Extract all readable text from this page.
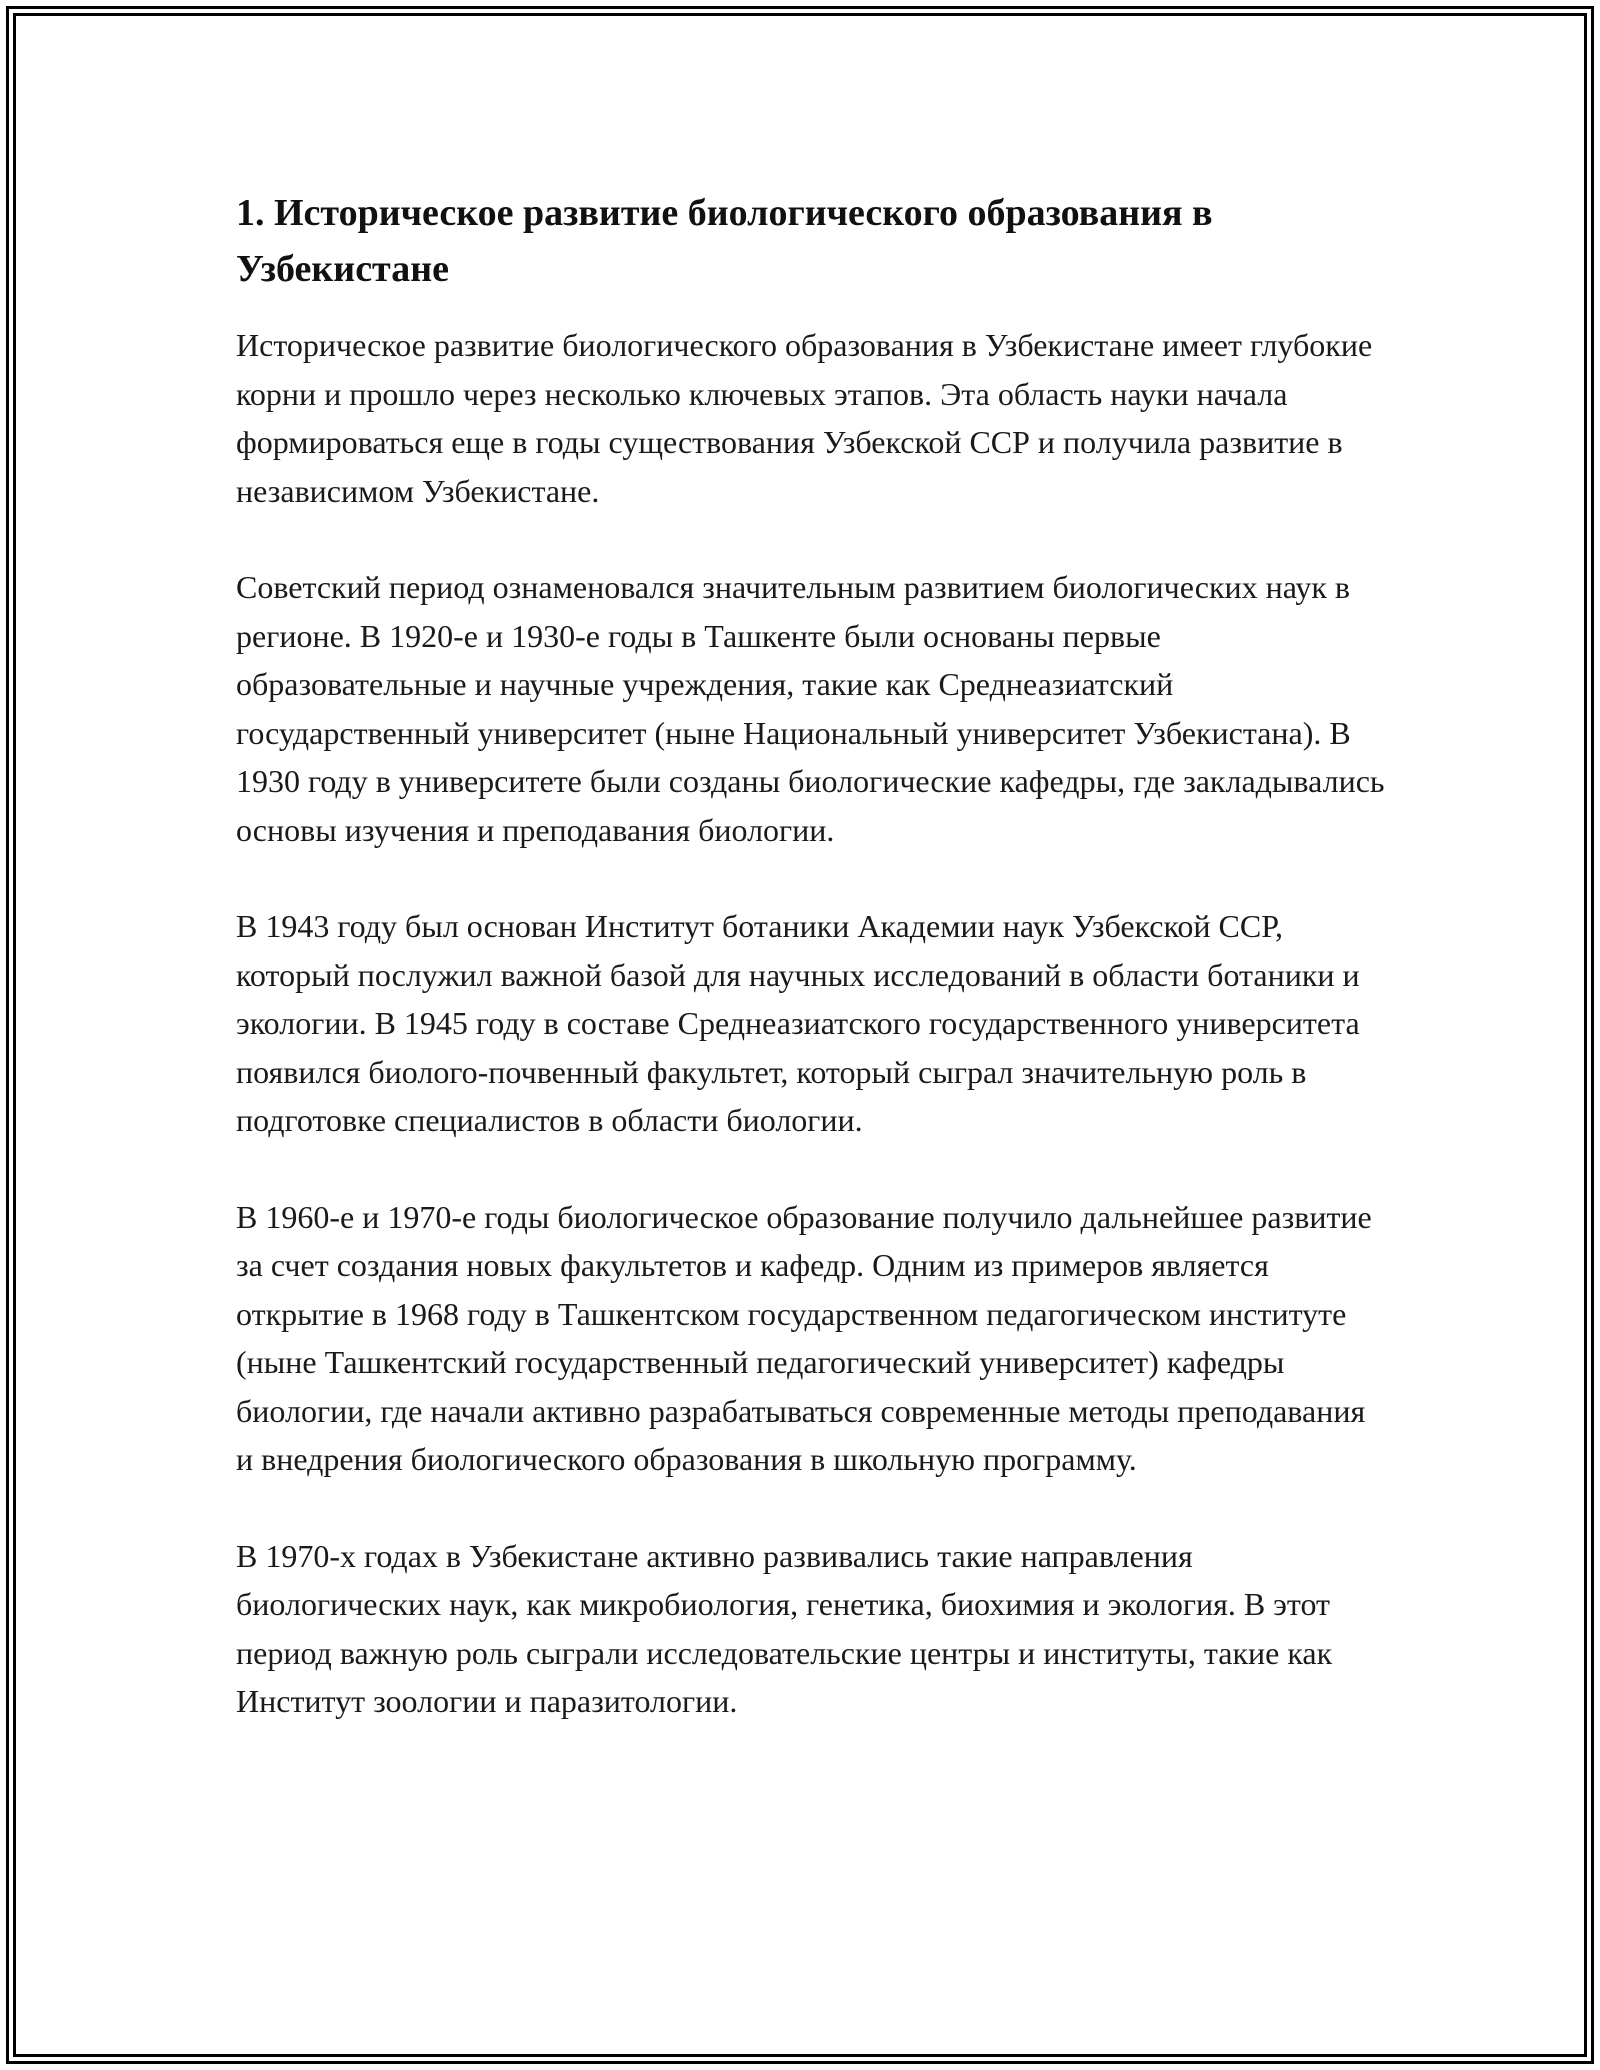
1. Историческое развитие биологического образования в Узбекистане

Историческое развитие биологического образования в Узбекистане имеет глубокие корни и прошло через несколько ключевых этапов. Эта область науки начала формироваться еще в годы существования Узбекской ССР и получила развитие в независимом Узбекистане.

Советский период ознаменовался значительным развитием биологических наук в регионе. В 1920-е и 1930-е годы в Ташкенте были основаны первые образовательные и научные учреждения, такие как Среднеазиатский государственный университет (ныне Национальный университет Узбекистана). В 1930 году в университете были созданы биологические кафедры, где закладывались основы изучения и преподавания биологии.

В 1943 году был основан Институт ботаники Академии наук Узбекской ССР, который послужил важной базой для научных исследований в области ботаники и экологии. В 1945 году в составе Среднеазиатского государственного университета появился биолого-почвенный факультет, который сыграл значительную роль в подготовке специалистов в области биологии.

В 1960-е и 1970-е годы биологическое образование получило дальнейшее развитие за счет создания новых факультетов и кафедр. Одним из примеров является открытие в 1968 году в Ташкентском государственном педагогическом институте (ныне Ташкентский государственный педагогический университет) кафедры биологии, где начали активно разрабатываться современные методы преподавания и внедрения биологического образования в школьную программу.

В 1970-х годах в Узбекистане активно развивались такие направления биологических наук, как микробиология, генетика, биохимия и экология. В этот период важную роль сыграли исследовательские центры и институты, такие как Институт зоологии и паразитологии.
